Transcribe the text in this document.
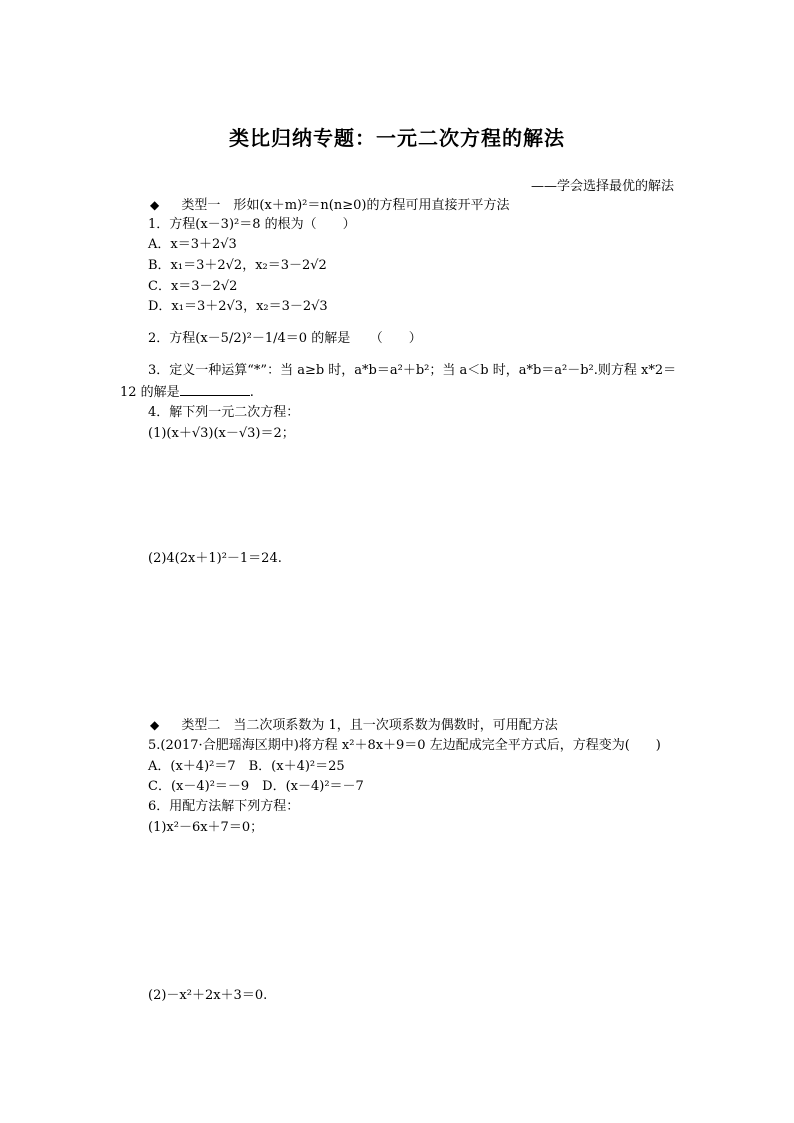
类比归纳专题：一元二次方程的解法
——学会选择最优的解法
◆ 类型一　形如(x＋m)²＝n(n≥0)的方程可用直接开平方法
1．方程(x－3)²＝8 的根为（　　）
A．x＝3＋2√3
B．x₁＝3＋2√2，x₂＝3－2√2
C．x＝3－2√2
D．x₁＝3＋2√3，x₂＝3－2√3
2．方程(x－5/2)²－1/4＝0 的解是　　（　　）
3．定义一种运算“*”：当 a≥b 时，a*b＝a²＋b²；当 a＜b 时，a*b＝a²－b².则方程 x*2＝
12 的解是	.
4．解下列一元二次方程：
(1)(x＋√3)(x－√3)＝2；
(2)4(2x＋1)²－1＝24.
◆ 类型二　当二次项系数为 1，且一次项系数为偶数时，可用配方法
5.(2017·合肥瑶海区期中)将方程 x²＋8x＋9＝0 左边配成完全平方式后，方程变为(　　)
A．(x＋4)²＝7　B．(x＋4)²＝25
C．(x－4)²＝－9　D．(x－4)²＝－7
6．用配方法解下列方程：
(1)x²－6x＋7＝0；
(2)－x²＋2x＋3＝0.
